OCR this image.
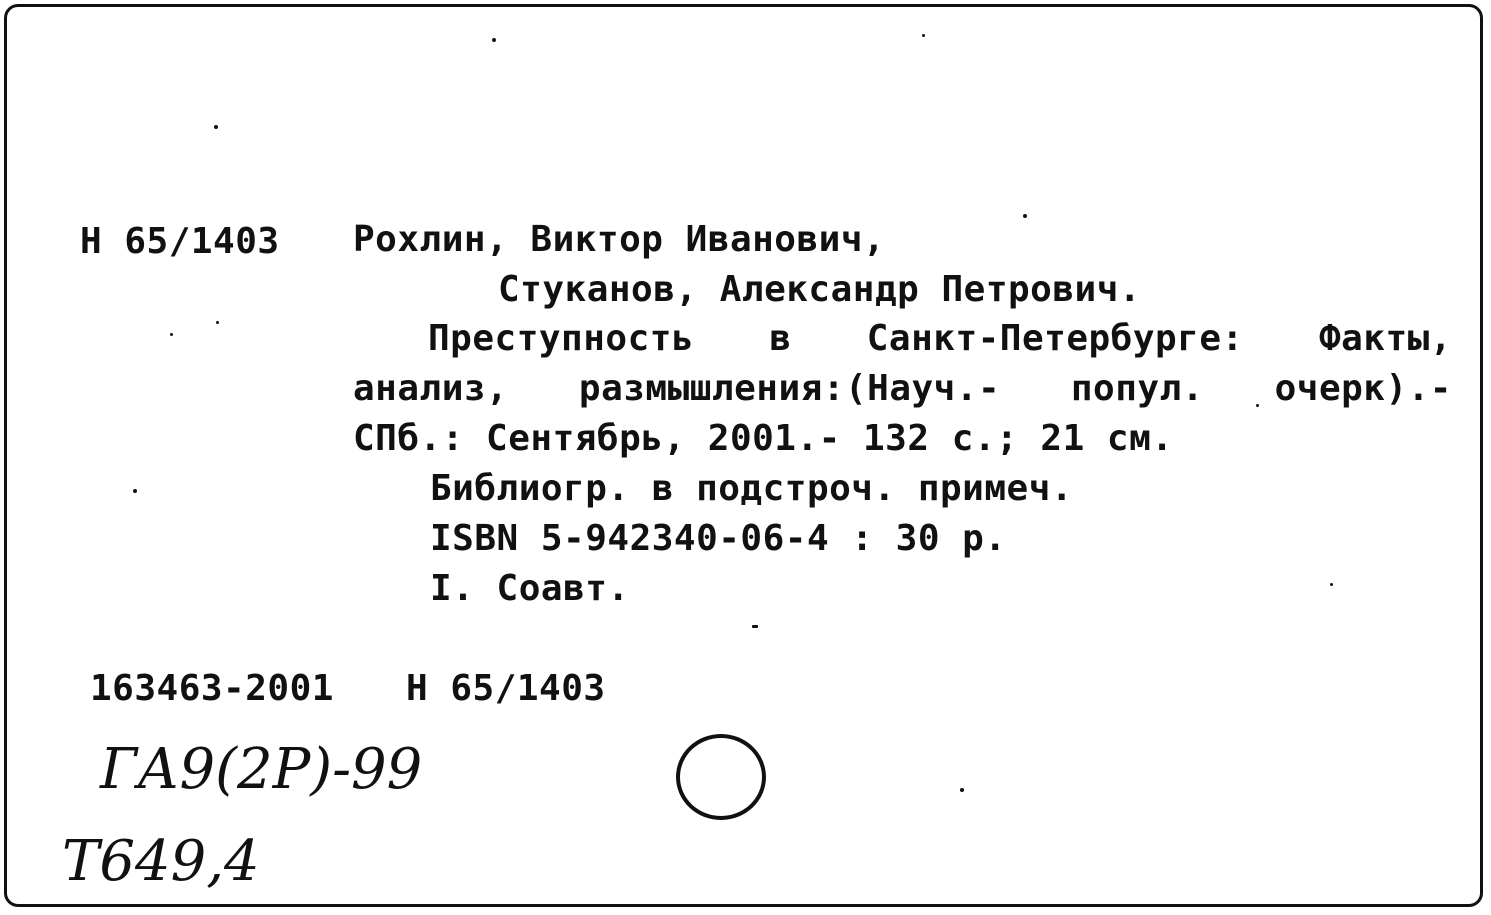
Н 65/1403 Рохлин, Виктор Иванович,
Стуканов, Александр Петрович.
Преступность в Санкт-Петербурге: Факты,
анализ, размышления:(Науч.- попул. очерк).-
СПб.: Сентябрь, 2001.- 132 с.; 21 см.
Библиогр. в подстроч. примеч.
ISBN 5-942340-06-4 : 30 р.
I. Соавт.
163463-2001 Н 65/1403
ГА9(2Р)-99
Т649,4
